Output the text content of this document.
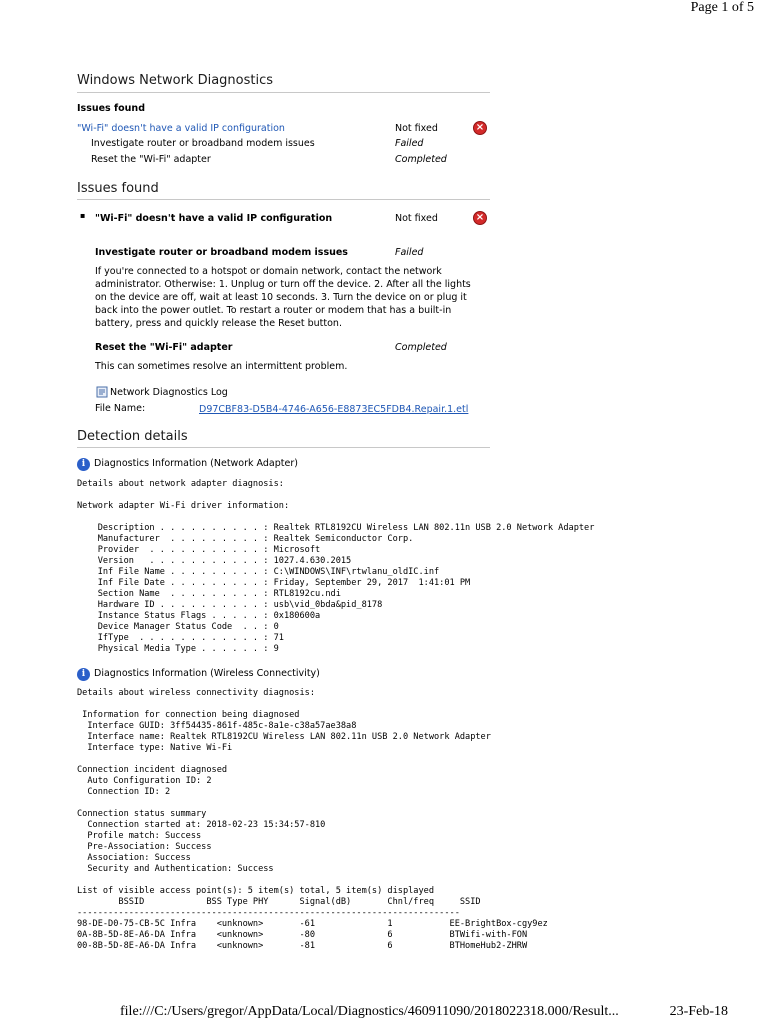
Page 1 of 5
Windows Network Diagnostics
Issues found
"Wi-Fi" doesn't have a valid IP configuration	Not fixed	×
Investigate router or broadband modem issues	Failed
Reset the "Wi-Fi" adapter	Completed
Issues found
▪ "Wi-Fi" doesn't have a valid IP configuration	Not fixed	×
Investigate router or broadband modem issues	Failed
If you're connected to a hotspot or domain network, contact the network administrator. Otherwise: 1. Unplug or turn off the device. 2. After all the lights on the device are off, wait at least 10 seconds. 3. Turn the device on or plug it back into the power outlet. To restart a router or modem that has a built-in battery, press and quickly release the Reset button.
Reset the "Wi-Fi" adapter	Completed
This can sometimes resolve an intermittent problem.
Network Diagnostics Log
File Name:	D97CBF83-D5B4-4746-A656-E8873EC5FDB4.Repair.1.etl
Detection details
i Diagnostics Information (Network Adapter)
Details about network adapter diagnosis:

Network adapter Wi-Fi driver information:

Description . . . . . . . . . . : Realtek RTL8192CU Wireless LAN 802.11n USB 2.0 Network Adapter
Manufacturer  . . . . . . . . . : Realtek Semiconductor Corp.
Provider  . . . . . . . . . . . : Microsoft
Version   . . . . . . . . . . . : 1027.4.630.2015
Inf File Name . . . . . . . . . : C:\WINDOWS\INF\rtwlanu_oldIC.inf
Inf File Date . . . . . . . . . : Friday, September 29, 2017  1:41:01 PM
Section Name  . . . . . . . . . : RTL8192cu.ndi
Hardware ID . . . . . . . . . . : usb\vid_0bda&pid_8178
Instance Status Flags . . . . . : 0x180600a
Device Manager Status Code  . . : 0
IfType  . . . . . . . . . . . . : 71
Physical Media Type . . . . . . : 9
i Diagnostics Information (Wireless Connectivity)
Details about wireless connectivity diagnosis:

Information for connection being diagnosed
Interface GUID: 3ff54435-861f-485c-8a1e-c38a57ae38a8
Interface name: Realtek RTL8192CU Wireless LAN 802.11n USB 2.0 Network Adapter
Interface type: Native Wi-Fi

Connection incident diagnosed
Auto Configuration ID: 2
Connection ID: 2

Connection status summary
Connection started at: 2018-02-23 15:34:57-810
Profile match: Success
Pre-Association: Success
Association: Success
Security and Authentication: Success

List of visible access point(s): 5 item(s) total, 5 item(s) displayed
BSSID            BSS Type PHY      Signal(dB)       Chnl/freq     SSID
--------------------------------------------------------------------------
98-DE-D0-75-CB-5C Infra    <unknown>       -61              1           EE-BrightBox-cgy9ez
0A-8B-5D-8E-A6-DA Infra    <unknown>       -80              6           BTWifi-with-FON
00-8B-5D-8E-A6-DA Infra    <unknown>       -81              6           BTHomeHub2-ZHRW
file:///C:/Users/gregor/AppData/Local/Diagnostics/460911090/2018022318.000/Result...	23-Feb-18
